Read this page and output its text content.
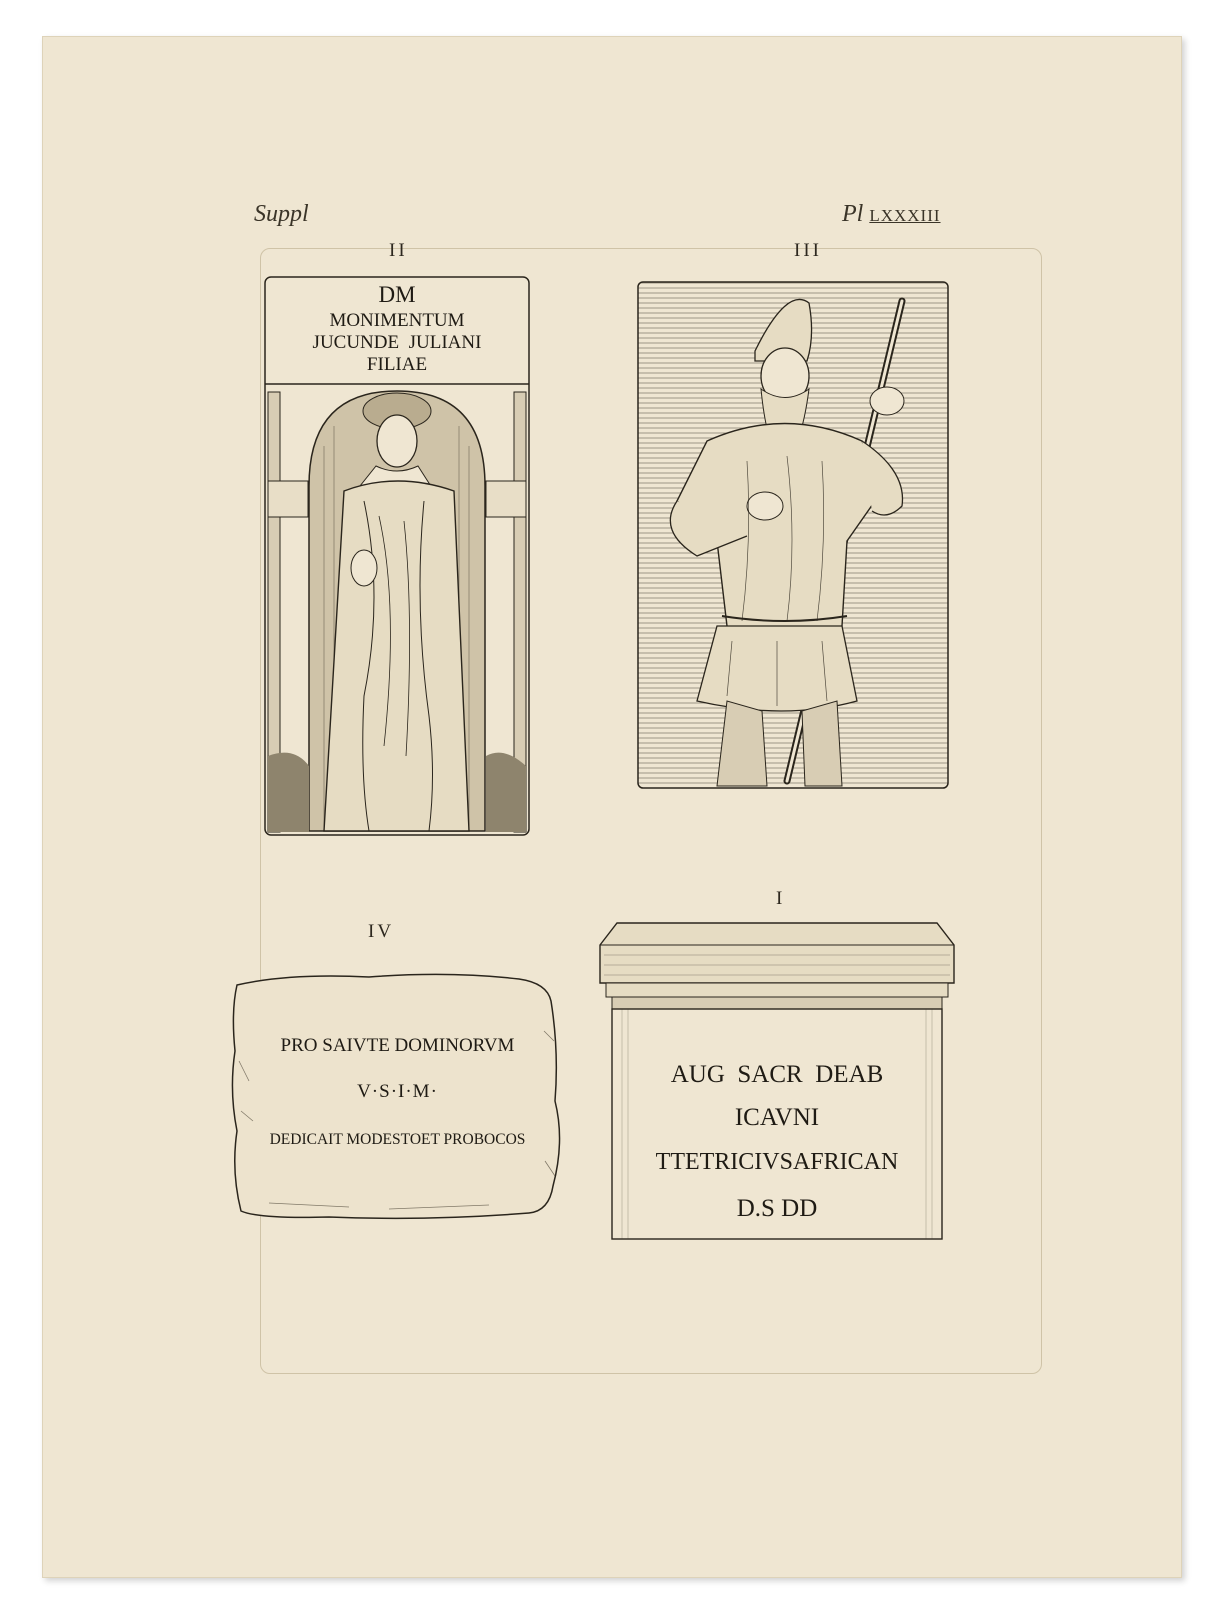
Suppl	Pl LXXXIII
II
DM
MONIMENTUM
JUCUNDE  JULIANI
FILIAE
III
IV
PRO SAIVTE DOMINORVM
V·S·I·M·
DEDICAIT MODESTOET PROBOCOS
I
AUG  SACR  DEAB
ICAVNI
TTETRICIVSAFRICAN
D.S DD
